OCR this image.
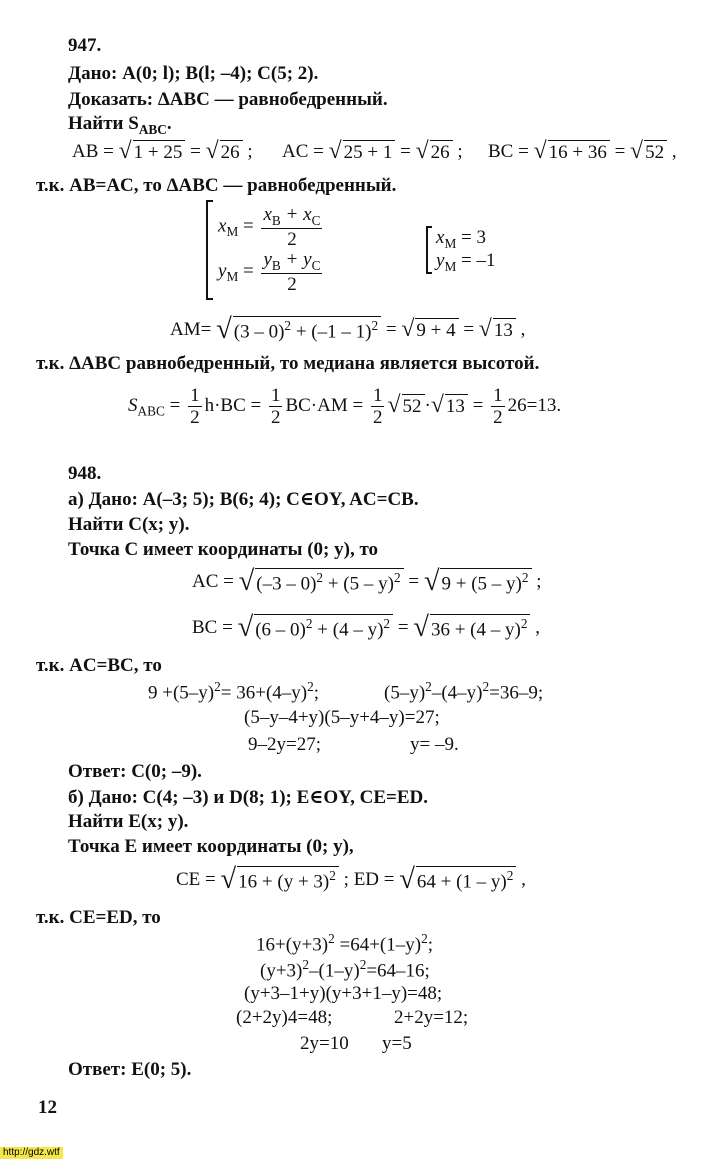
947.
Дано: A(0; l); B(l; –4); C(5; 2).
Доказать: ΔABC — равнобедренный.
Найти $S_{ABC}$.
AB = √ 1 + 25 = √ 26 ; AC = √ 25 + 1 = √ 26 ; BC = √ 16 + 36 = √ 52 ,
т.к. AB=AC, то ΔABC — равнобедренный.
$x_M = \frac{x_B + x_C}{2}$
$y_M = \frac{y_B + y_C}{2}$
$x_M = 3$
$y_M = -1$
AM= √ (3 – 0)$^2$ + (–1 – 1)$^2$ = √ 9 + 4 = √ 13 ,
т.к. ΔABC равнобедренный, то медиана является высотой.
$S_{ABC} = \frac{1}{2} h\cdot BC = \frac{1}{2} BC\cdot AM = \frac{1}{2}$ √ 52 · √ $13 = \frac{1}{2} 26=13$.
948.
а) Дано: A(–3; 5); B(6; 4); C∈OY, AC=CB.
Найти C(x; y).
Точка C имеет координаты (0; y), то
AC = √ (–3 – 0)$^2$ + (5 – y)$^2$ = √ 9 + (5 – y)$^2$ ;
BC = √ (6 – 0)$^2$ + (4 – y)$^2$ = √ 36 + (4 – y)$^2$ ,
т.к. AC=BC, то
$9 +(5-y)^2= 36+(4-y)^2$;	$(5-y)^2-(4-y)^2=36-9$;
(5–y–4+y)(5–y+4–y)=27;
9–2y=27;	y= –9.
Ответ: C(0; –9).
б) Дано: C(4; –3) и D(8; 1); E∈OY, CE=ED.
Найти E(x; y).
Точка E имеет координаты (0; y),
CE = √ $16 + (y + 3)^2$ ; ED = √ 64 + (1 – y)$^2$ ,
т.к. CE=ED, то
$16+(y+3)^2 =64+(1-y)^2$;
$(y+3)^2-(1-y)^2=64-16$;
(y+3–1+y)(y+3+1–y)=48;
(2+2y)4=48;	2+2y=12;
2y=10 y=5
Ответ: E(0; 5).
12
http://gdz.wtf
